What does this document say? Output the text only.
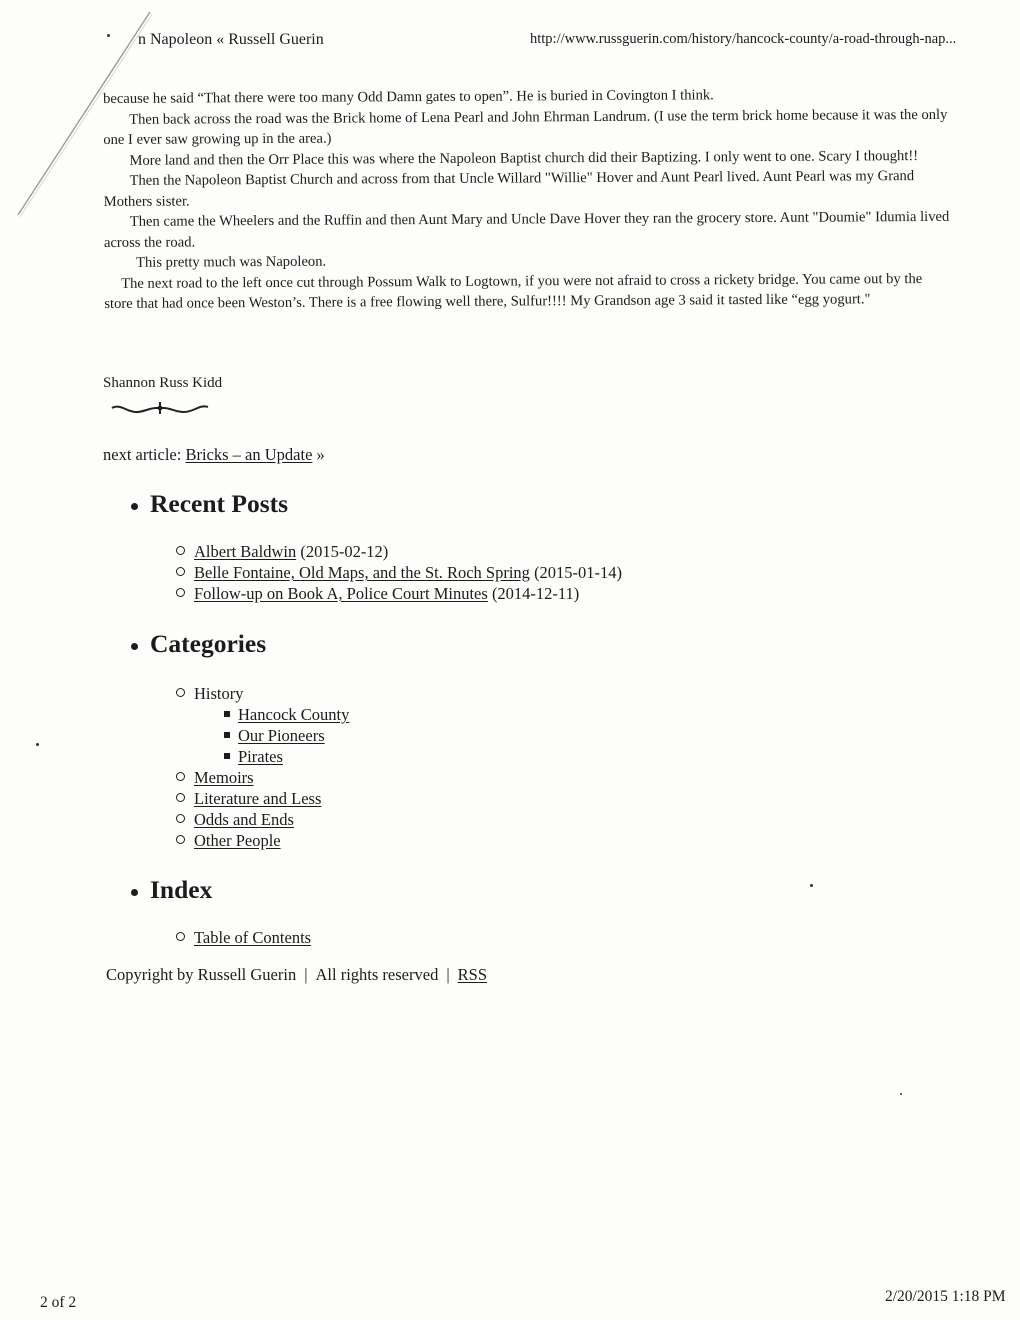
n Napoleon « Russell Guerin	http://www.russguerin.com/history/hancock-county/a-road-through-nap...

because he said “That there were too many Odd Damn gates to open”. He is buried in Covington I think.

Then back across the road was the Brick home of Lena Pearl and John Ehrman Landrum. (I use the term brick home because it was the only one I ever saw growing up in the area.)

More land and then the Orr Place this was where the Napoleon Baptist church did their Baptizing. I only went to one. Scary I thought!!

Then the Napoleon Baptist Church and across from that Uncle Willard "Willie" Hover and Aunt Pearl lived. Aunt Pearl was my Grand Mothers sister.

Then came the Wheelers and the Ruffin and then Aunt Mary and Uncle Dave Hover they ran the grocery store. Aunt "Doumie" Idumia lived across the road.

This pretty much was Napoleon.

The next road to the left once cut through Possum Walk to Logtown, if you were not afraid to cross a rickety bridge. You came out by the store that had once been Weston’s. There is a free flowing well there, Sulfur!!!! My Grandson age 3 said it tasted like “egg yogurt."

Shannon Russ Kidd
next article: Bricks – an Update »
Recent Posts
Albert Baldwin (2015-02-12)
Belle Fontaine, Old Maps, and the St. Roch Spring (2015-01-14)
Follow-up on Book A, Police Court Minutes (2014-12-11)
Categories
History
Hancock County
Our Pioneers
Pirates
Memoirs
Literature and Less
Odds and Ends
Other People
Index
Table of Contents
Copyright by Russell Guerin | All rights reserved | RSS
2 of 2	2/20/2015 1:18 PM
